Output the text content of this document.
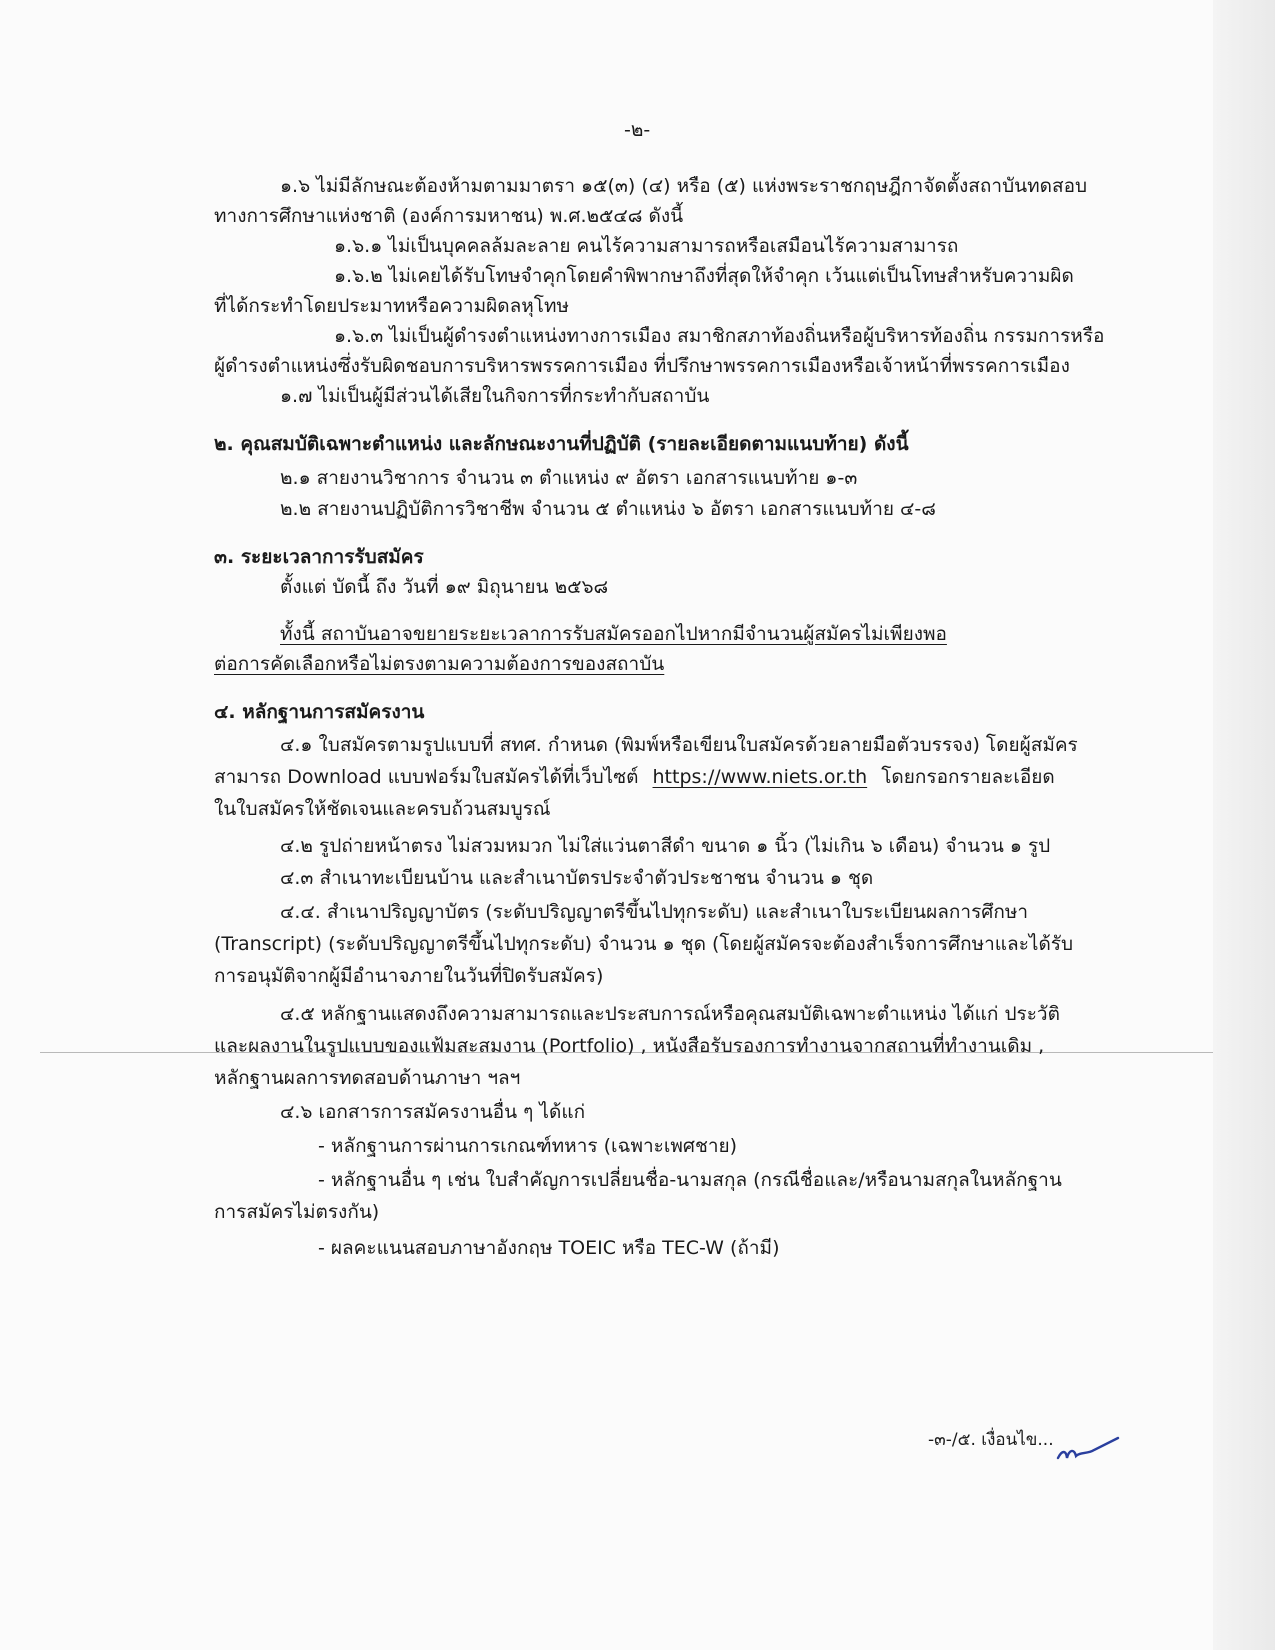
-๒-
๑.๖ ไม่มีลักษณะต้องห้ามตามมาตรา ๑๕(๓) (๔) หรือ (๕) แห่งพระราชกฤษฎีกาจัดตั้งสถาบันทดสอบ
ทางการศึกษาแห่งชาติ (องค์การมหาชน) พ.ศ.๒๕๔๘ ดังนี้
๑.๖.๑ ไม่เป็นบุคคลล้มละลาย คนไร้ความสามารถหรือเสมือนไร้ความสามารถ
๑.๖.๒ ไม่เคยได้รับโทษจำคุกโดยคำพิพากษาถึงที่สุดให้จำคุก เว้นแต่เป็นโทษสำหรับความผิด
ที่ได้กระทำโดยประมาทหรือความผิดลหุโทษ
๑.๖.๓ ไม่เป็นผู้ดำรงตำแหน่งทางการเมือง สมาชิกสภาท้องถิ่นหรือผู้บริหารท้องถิ่น กรรมการหรือ
ผู้ดำรงตำแหน่งซึ่งรับผิดชอบการบริหารพรรคการเมือง ที่ปรึกษาพรรคการเมืองหรือเจ้าหน้าที่พรรคการเมือง
๑.๗ ไม่เป็นผู้มีส่วนได้เสียในกิจการที่กระทำกับสถาบัน
๒. คุณสมบัติเฉพาะตำแหน่ง และลักษณะงานที่ปฏิบัติ (รายละเอียดตามแนบท้าย) ดังนี้
๒.๑ สายงานวิชาการ จำนวน ๓ ตำแหน่ง ๙ อัตรา เอกสารแนบท้าย ๑-๓
๒.๒ สายงานปฏิบัติการวิชาชีพ จำนวน ๕ ตำแหน่ง ๖ อัตรา เอกสารแนบท้าย ๔-๘
๓. ระยะเวลาการรับสมัคร
ตั้งแต่ บัดนี้ ถึง วันที่ ๑๙ มิถุนายน ๒๕๖๘
ทั้งนี้ สถาบันอาจขยายระยะเวลาการรับสมัครออกไปหากมีจำนวนผู้สมัครไม่เพียงพอ
ต่อการคัดเลือกหรือไม่ตรงตามความต้องการของสถาบัน
๔. หลักฐานการสมัครงาน
๔.๑ ใบสมัครตามรูปแบบที่ สทศ. กำหนด (พิมพ์หรือเขียนใบสมัครด้วยลายมือตัวบรรจง) โดยผู้สมัคร
สามารถ Download แบบฟอร์มใบสมัครได้ที่เว็บไซต์ https://www.niets.or.th โดยกรอกรายละเอียด
ในใบสมัครให้ชัดเจนและครบถ้วนสมบูรณ์
๔.๒ รูปถ่ายหน้าตรง ไม่สวมหมวก ไม่ใส่แว่นตาสีดำ ขนาด ๑ นิ้ว (ไม่เกิน ๖ เดือน) จำนวน ๑ รูป
๔.๓ สำเนาทะเบียนบ้าน และสำเนาบัตรประจำตัวประชาชน จำนวน ๑ ชุด
๔.๔. สำเนาปริญญาบัตร (ระดับปริญญาตรีขึ้นไปทุกระดับ) และสำเนาใบระเบียนผลการศึกษา
(Transcript) (ระดับปริญญาตรีขึ้นไปทุกระดับ) จำนวน ๑ ชุด (โดยผู้สมัครจะต้องสำเร็จการศึกษาและได้รับ
การอนุมัติจากผู้มีอำนาจภายในวันที่ปิดรับสมัคร)
๔.๕ หลักฐานแสดงถึงความสามารถและประสบการณ์หรือคุณสมบัติเฉพาะตำแหน่ง ได้แก่ ประวัติ
และผลงานในรูปแบบของแฟ้มสะสมงาน (Portfolio) , หนังสือรับรองการทำงานจากสถานที่ทำงานเดิม ,
หลักฐานผลการทดสอบด้านภาษา ฯลฯ
๔.๖ เอกสารการสมัครงานอื่น ๆ ได้แก่
- หลักฐานการผ่านการเกณฑ์ทหาร (เฉพาะเพศชาย)
- หลักฐานอื่น ๆ เช่น ใบสำคัญการเปลี่ยนชื่อ-นามสกุล (กรณีชื่อและ/หรือนามสกุลในหลักฐาน
การสมัครไม่ตรงกัน)
- ผลคะแนนสอบภาษาอังกฤษ TOEIC หรือ TEC-W (ถ้ามี)
-๓-/๕. เงื่อนไข...
